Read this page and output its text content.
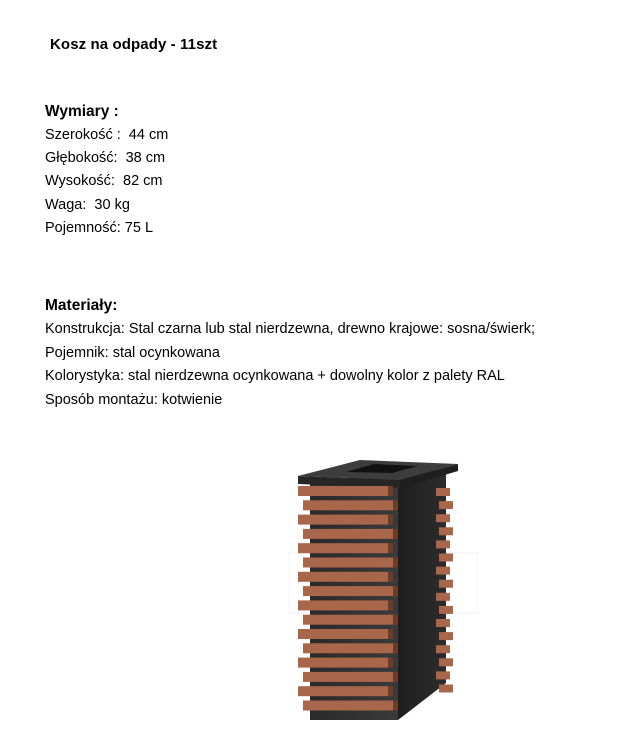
Kosz na odpady - 11szt
Wymiary :
Szerokość :  44 cm
Głębokość:  38 cm
Wysokość:  82 cm
Waga:  30 kg
Pojemność: 75 L
Materiały:
Konstrukcja: Stal czarna lub stal nierdzewna, drewno krajowe: sosna/świerk;
Pojemnik: stal ocynkowana
Kolorystyka: stal nierdzewna ocynkowana + dowolny kolor z palety RAL
Sposób montażu: kotwienie
